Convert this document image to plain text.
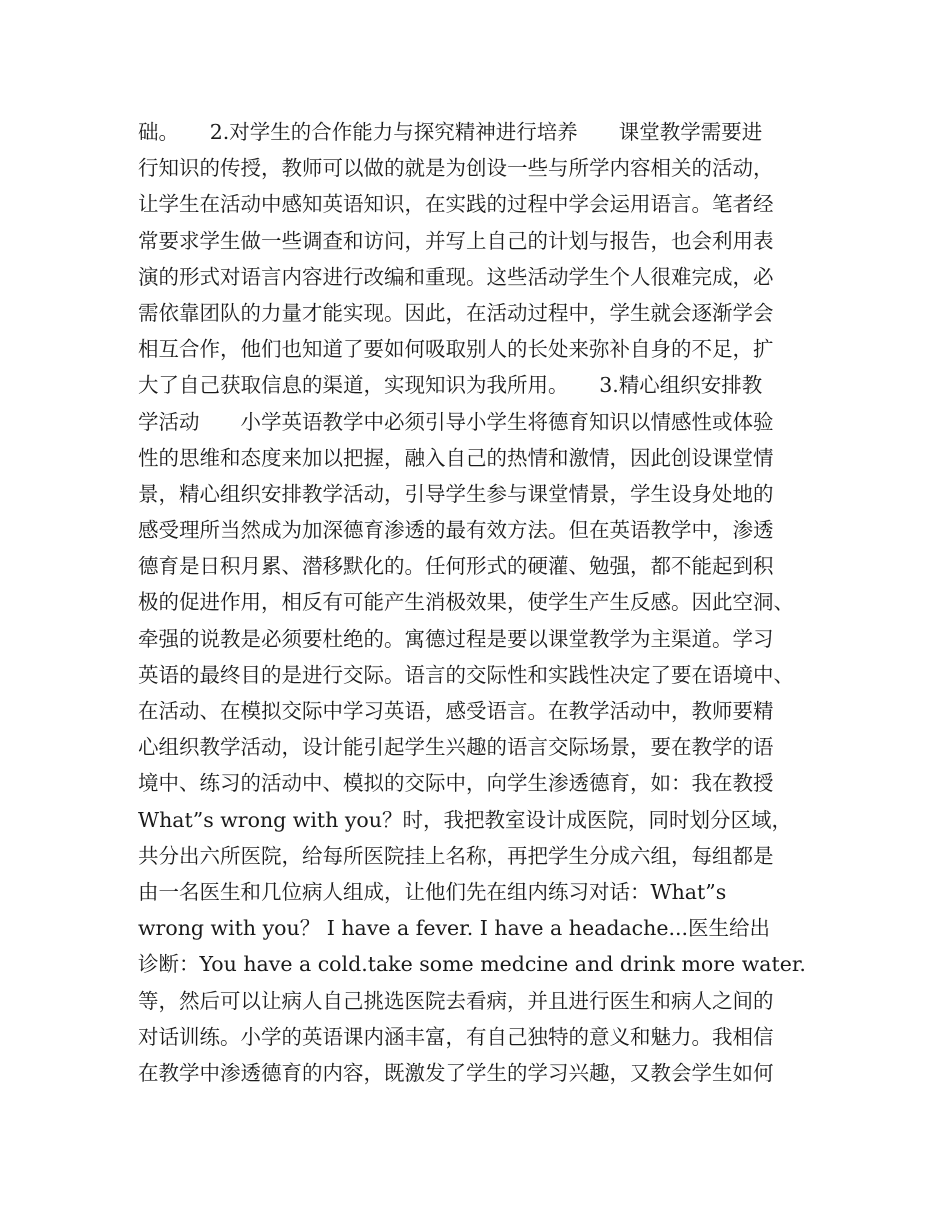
础。　　2.对学生的合作能力与探究精神进行培养　　课堂教学需要进
行知识的传授，教师可以做的就是为创设一些与所学内容相关的活动，
让学生在活动中感知英语知识，在实践的过程中学会运用语言。笔者经
常要求学生做一些调查和访问，并写上自己的计划与报告，也会利用表
演的形式对语言内容进行改编和重现。这些活动学生个人很难完成，必
需依靠团队的力量才能实现。因此，在活动过程中，学生就会逐渐学会
相互合作，他们也知道了要如何吸取别人的长处来弥补自身的不足，扩
大了自己获取信息的渠道，实现知识为我所用。　　3.精心组织安排教
学活动　　小学英语教学中必须引导小学生将德育知识以情感性或体验
性的思维和态度来加以把握，融入自己的热情和激情，因此创设课堂情
景，精心组织安排教学活动，引导学生参与课堂情景，学生设身处地的
感受理所当然成为加深德育渗透的最有效方法。但在英语教学中，渗透
德育是日积月累、潜移默化的。任何形式的硬灌、勉强，都不能起到积
极的促进作用，相反有可能产生消极效果，使学生产生反感。因此空洞、
牵强的说教是必须要杜绝的。寓德过程是要以课堂教学为主渠道。学习
英语的最终目的是进行交际。语言的交际性和实践性决定了要在语境中、
在活动、在模拟交际中学习英语，感受语言。在教学活动中，教师要精
心组织教学活动，设计能引起学生兴趣的语言交际场景，要在教学的语
境中、练习的活动中、模拟的交际中，向学生渗透德育，如：我在教授
What”s wrong with you？时，我把教室设计成医院，同时划分区域，
共分出六所医院，给每所医院挂上名称，再把学生分成六组，每组都是
由一名医生和几位病人组成，让他们先在组内练习对话：What”s
wrong with you？ I have a fever. I have a headache...医生给出
诊断：You have a cold.take some medcine and drink more water.
等，然后可以让病人自己挑选医院去看病，并且进行医生和病人之间的
对话训练。小学的英语课内涵丰富，有自己独特的意义和魅力。我相信
在教学中渗透德育的内容，既激发了学生的学习兴趣，又教会学生如何
